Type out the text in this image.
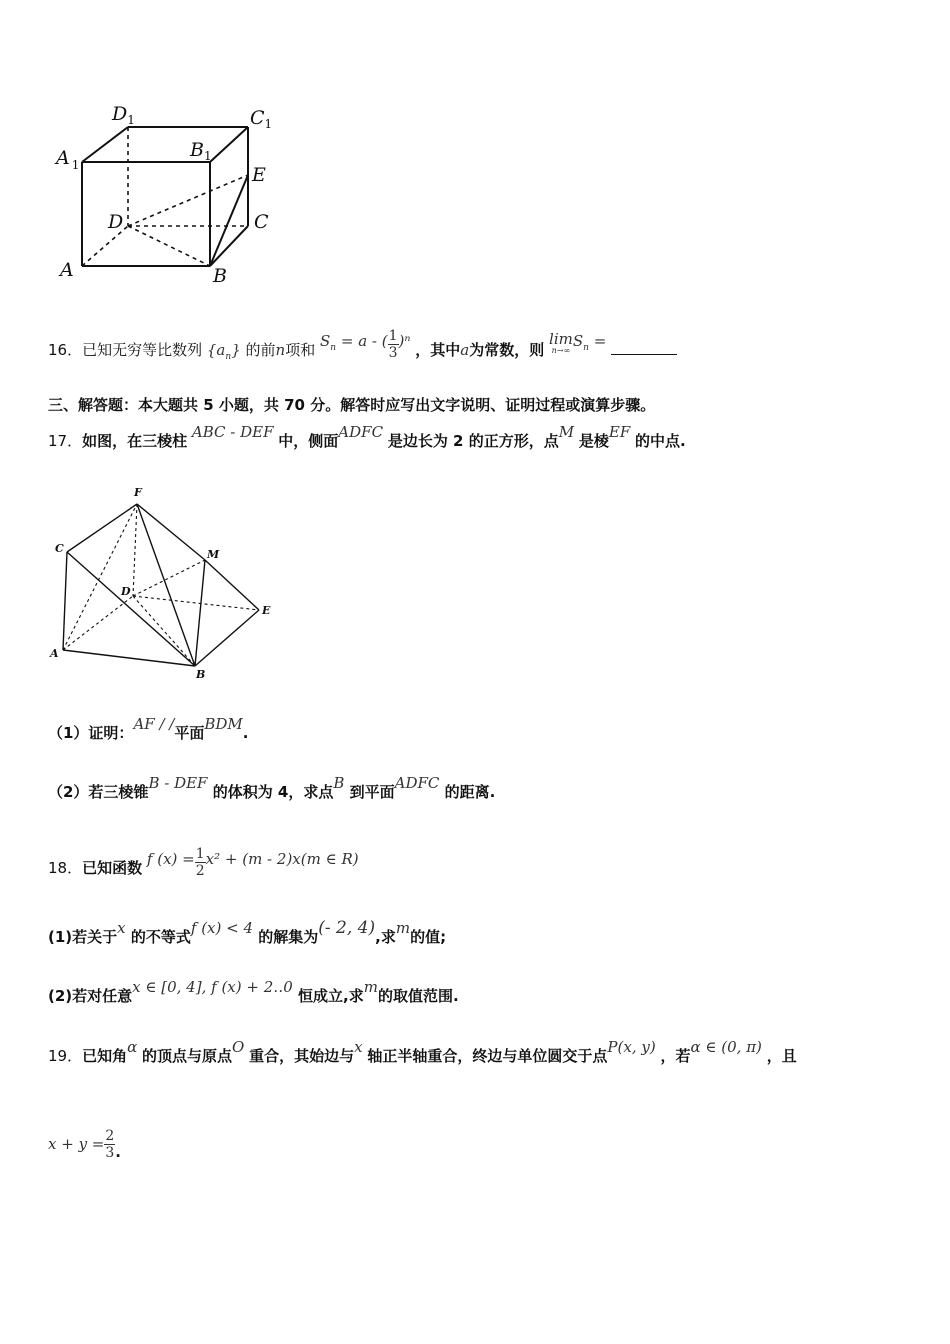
$D_1$	$C_1$
A $_1$
$B_1$
E
D	C
A	B
16．已知无穷等比数列 $\{a_n\}$ 的前n项和 $S_n = a$ - ( $\frac{1}{3} )^n$ ，其中a为常数，则
lim
n→∞
$S_n$ =
三、解答题：本大题共 5 小题，共 70 分。解答时应写出文字说明、证明过程或演算步骤。
17．如图，在三棱柱 ABC - DEF 中，侧面ADFC 是边长为 2 的正方形，点M 是棱EF 的中点.
F
C	M
D
E
A
B
（1）证明：AF / /平面BDM.
（2）若三棱锥B - DEF 的体积为 4，求点B 到平面ADFC 的距离.
18．已知函数 f $(x) = \frac{1}{2} x^2 + (m - 2)x(m$ ∈ R)
(1)若关于x 的不等式f (x) < 4 的解集为(- 2, 4),求m的值;
(2)若对任意x ∈ [0, 4], f (x) + 2‥0 恒成立,求m的取值范围.
19．已知角α 的顶点与原点O 重合，其始边与x 轴正半轴重合，终边与单位圆交于点P(x, y) ，若α ∈ (0, π) ，且
$x + y = \frac{2}{3}$ .
